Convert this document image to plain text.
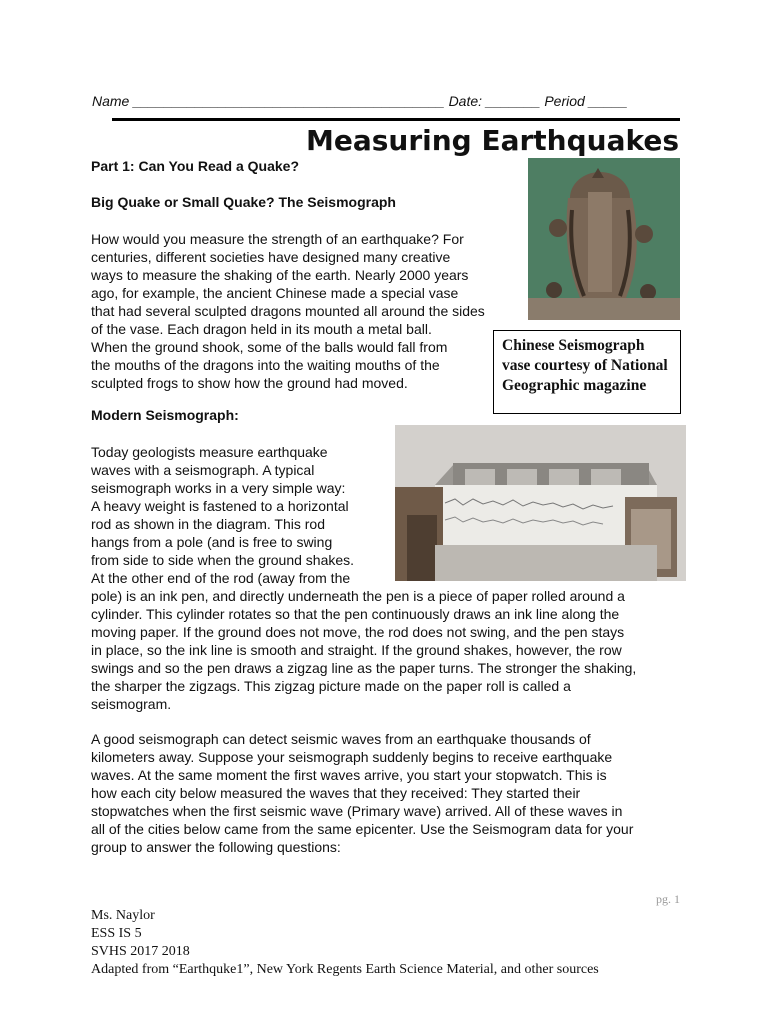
Name ________________________________________ Date: _______ Period _____
Measuring Earthquakes
Part 1: Can You Read a Quake?
Big Quake or Small Quake? The Seismograph
How would you measure the strength of an earthquake? For
centuries, different societies have designed many creative
ways to measure the shaking of the earth. Nearly 2000 years
ago, for example, the ancient Chinese made a special vase
that had several sculpted dragons mounted all around the sides
of the vase. Each dragon held in its mouth a metal ball.
When the ground shook, some of the balls would fall from
the mouths of the dragons into the waiting mouths of the
sculpted frogs to show how the ground had moved.
Chinese Seismograph vase courtesy of National Geographic magazine
Modern Seismograph:
Today geologists measure earthquake
waves with a seismograph. A typical
seismograph works in a very simple way:
A heavy weight is fastened to a horizontal
rod as shown in the diagram. This rod
hangs from a pole (and is free to swing
from side to side when the ground shakes.
At the other end of the rod (away from the
pole) is an ink pen, and directly underneath the pen is a piece of paper rolled around a
cylinder. This cylinder rotates so that the pen continuously draws an ink line along the
moving paper. If the ground does not move, the rod does not swing, and the pen stays
in place, so the ink line is smooth and straight. If the ground shakes, however, the row
swings and so the pen draws a zigzag line as the paper turns. The stronger the shaking,
the sharper the zigzags. This zigzag picture made on the paper roll is called a
seismogram.
A good seismograph can detect seismic waves from an earthquake thousands of
kilometers away. Suppose your seismograph suddenly begins to receive earthquake
waves. At the same moment the first waves arrive, you start your stopwatch. This is
how each city below measured the waves that they received: They started their
stopwatches when the first seismic wave (Primary wave) arrived. All of these waves in
all of the cities below came from the same epicenter. Use the Seismogram data for your
group to answer the following questions:
pg. 1
Ms. Naylor
ESS IS 5
SVHS 2017 2018
Adapted from “Earthquke1”, New York Regents Earth Science Material, and other sources
